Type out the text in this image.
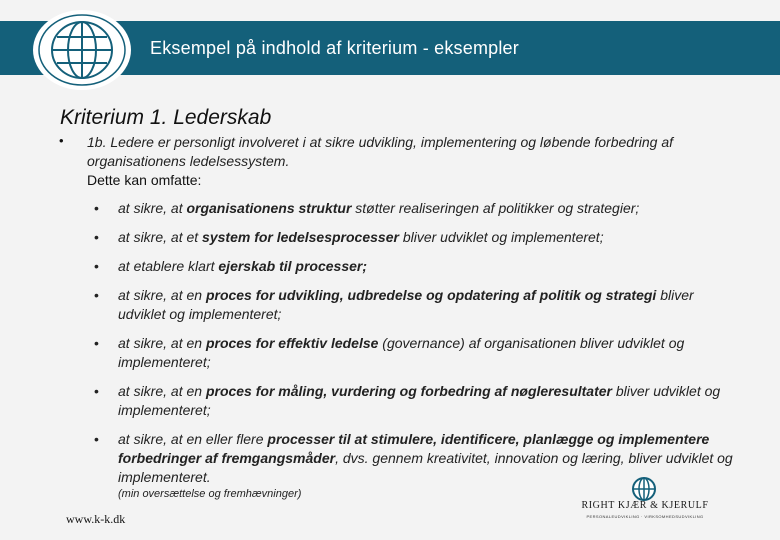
Eksempel på indhold af kriterium - eksempler
Kriterium 1. Lederskab
• 1b. Ledere er personligt involveret i at sikre udvikling, implementering og løbende forbedring af organisationens ledelsessystem.
Dette kan omfatte:
• at sikre, at organisationens struktur støtter realiseringen af politikker og strategier;
• at sikre, at et system for ledelsesprocesser bliver udviklet og implementeret;
• at etablere klart ejerskab til processer;
• at sikre, at en proces for udvikling, udbredelse og opdatering af politik og strategi bliver udviklet og implementeret;
• at sikre, at en proces for effektiv ledelse (governance) af organisationen bliver udviklet og implementeret;
• at sikre, at en proces for måling, vurdering og forbedring af nøgleresultater bliver udviklet og implementeret;
• at sikre, at en eller flere processer til at stimulere, identificere, planlægge og implementere forbedringer af fremgangsmåder, dvs. gennem kreativitet, innovation og læring, bliver udviklet og implementeret.
(min oversættelse og fremhævninger)
www.k-k.dk
RIGHT KJÆR & KJERULF
PERSONALEUDVIKLING · VIRKSOMHEDSUDVIKLING
